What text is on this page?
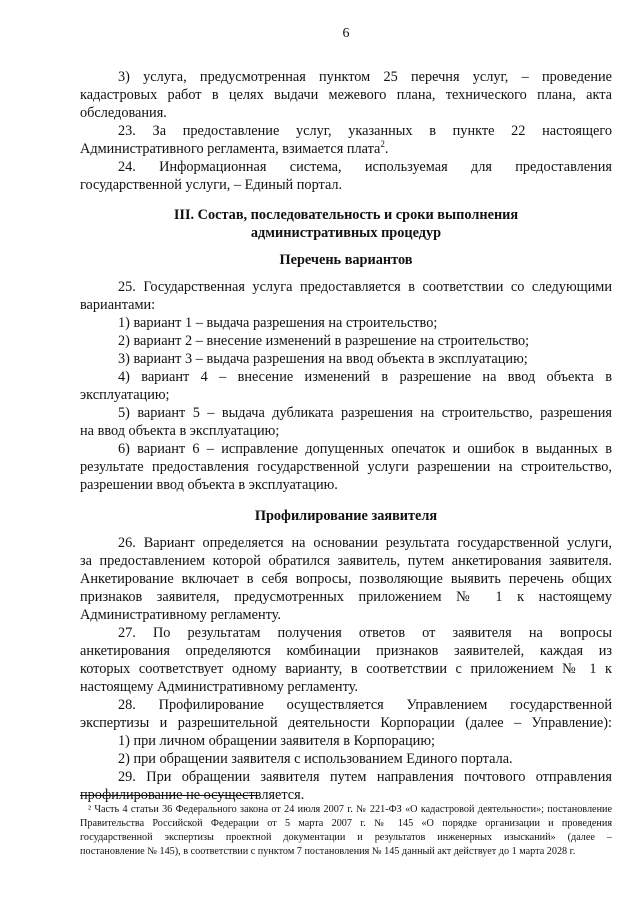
6
3) услуга, предусмотренная пунктом 25 перечня услуг, – проведение
кадастровых работ в целях выдачи межевого плана, технического плана, акта
обследования.
23. За предоставление услуг, указанных в пункте 22 настоящего
Административного регламента, взимается плата$^2$.
24. Информационная система, используемая для предоставления
государственной услуги, – Единый портал.
III. Состав, последовательность и сроки выполнения
административных процедур
Перечень вариантов
25. Государственная услуга предоставляется в соответствии со следующими
вариантами:
1) вариант 1 – выдача разрешения на строительство;
2) вариант 2 – внесение изменений в разрешение на строительство;
3) вариант 3 – выдача разрешения на ввод объекта в эксплуатацию;
4) вариант 4 – внесение изменений в разрешение на ввод объекта в
эксплуатацию;
5) вариант 5 – выдача дубликата разрешения на строительство, разрешения
на ввод объекта в эксплуатацию;
6) вариант 6 – исправление допущенных опечаток и ошибок в выданных в
результате предоставления государственной услуги разрешении на строительство,
разрешении ввод объекта в эксплуатацию.
Профилирование заявителя
26. Вариант определяется на основании результата государственной услуги,
за предоставлением которой обратился заявитель, путем анкетирования заявителя.
Анкетирование включает в себя вопросы, позволяющие выявить перечень общих
признаков заявителя, предусмотренных приложением № 1 к настоящему
Административному регламенту.
27. По результатам получения ответов от заявителя на вопросы
анкетирования определяются комбинации признаков заявителей, каждая из
которых соответствует одному варианту, в соответствии с приложением № 1 к
настоящему Административному регламенту.
28. Профилирование осуществляется Управлением государственной
экспертизы и разрешительной деятельности Корпорации (далее – Управление):
1) при личном обращении заявителя в Корпорацию;
2) при обращении заявителя с использованием Единого портала.
29. При обращении заявителя путем направления почтового отправления
профилирование не осуществляется.
² Часть 4 статьи 36 Федерального закона от 24 июля 2007 г. № 221-ФЗ «О кадастровой деятельности»; постановление
Правительства Российской Федерации от 5 марта 2007 г. № 145 «О порядке организации и проведения
государственной экспертизы проектной документации и результатов инженерных изысканий» (далее –
постановление № 145), в соответствии с пунктом 7 постановления № 145 данный акт действует до 1 марта 2028 г.
